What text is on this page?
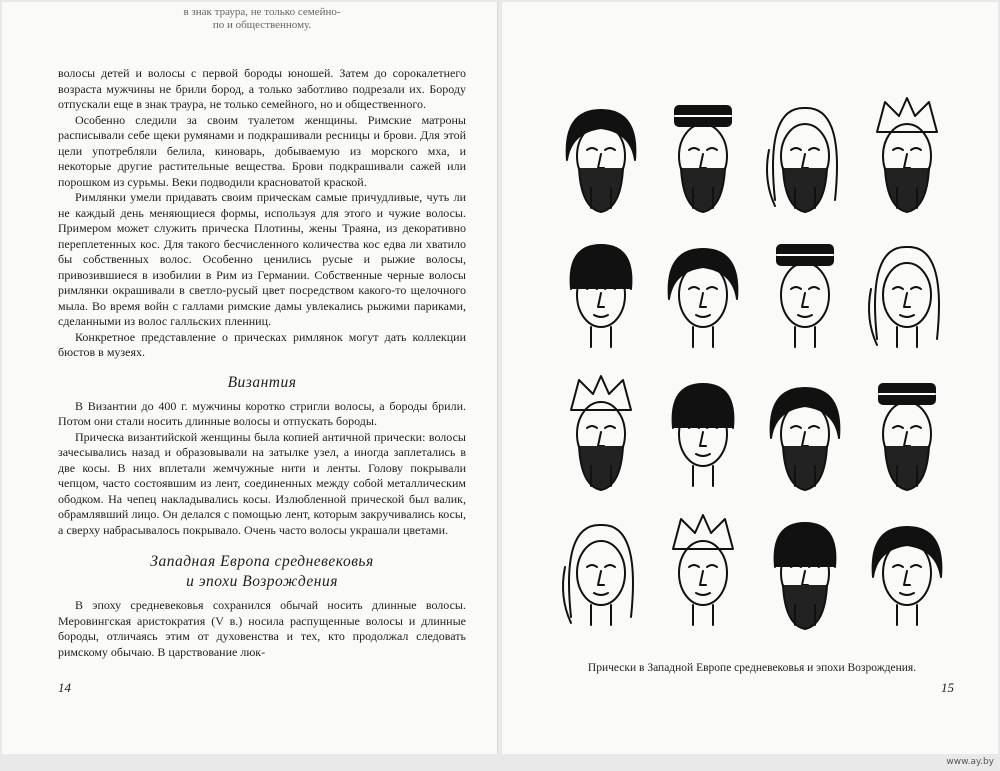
в знак траура, не только семейно-
по и общественному.

волосы детей и волосы с первой бороды юношей. Затем до сорокалетнего возраста мужчины не брили бород, а только заботливо подрезали их. Бороду отпускали еще в знак траура, не только семейного, но и общественного.

Особенно следили за своим туалетом женщины. Римские матроны расписывали себе щеки румянами и подкрашивали ресницы и брови. Для этой цели употребляли белила, киноварь, добываемую из морского мха, и некоторые другие растительные вещества. Брови подкрашивали сажей или порошком из сурьмы. Веки подводили красноватой краской.

Римлянки умели придавать своим прическам самые причудливые, чуть ли не каждый день меняющиеся формы, используя для этого и чужие волосы. Примером может служить прическа Плотины, жены Траяна, из декоративно переплетенных кос. Для такого бесчисленного количества кос едва ли хватило бы собственных волос. Особенно ценились русые и рыжие волосы, привозившиеся в изобилии в Рим из Германии. Собственные черные волосы римлянки окрашивали в светло-русый цвет посредством какого-то щелочного мыла. Во время войн с галлами римские дамы увлекались рыжими париками, сделанными из волос галльских пленниц.

Конкретное представление о прическах римлянок могут дать коллекции бюстов в музеях.

Византия

В Византии до 400 г. мужчины коротко стригли волосы, а бороды брили. Потом они стали носить длинные волосы и отпускать бороды.

Прическа византийской женщины была копией античной прически: волосы зачесывались назад и образовывали на затылке узел, а иногда заплетались в две косы. В них вплетали жемчужные нити и ленты. Голову покрывали чепцом, часто состоявшим из лент, соединенных между собой металлическим ободком. На чепец накладывались косы. Излюбленной прической был валик, обрамлявший лицо. Он делался с помощью лент, которым закручивались косы, а сверху набрасывалось покрывало. Очень часто волосы украшали цветами.

Западная Европа средневековья
и эпохи Возрождения

В эпоху средневековья сохранился обычай носить длинные волосы. Меровингская аристократия (V в.) носила распущенные волосы и длинные бороды, отличаясь этим от духовенства и тех, кто продолжал следовать римскому обычаю. В царствование люк-

14
Прически в Западной Европе средневековья и эпохи Возрождения.
15
www.ay.by
